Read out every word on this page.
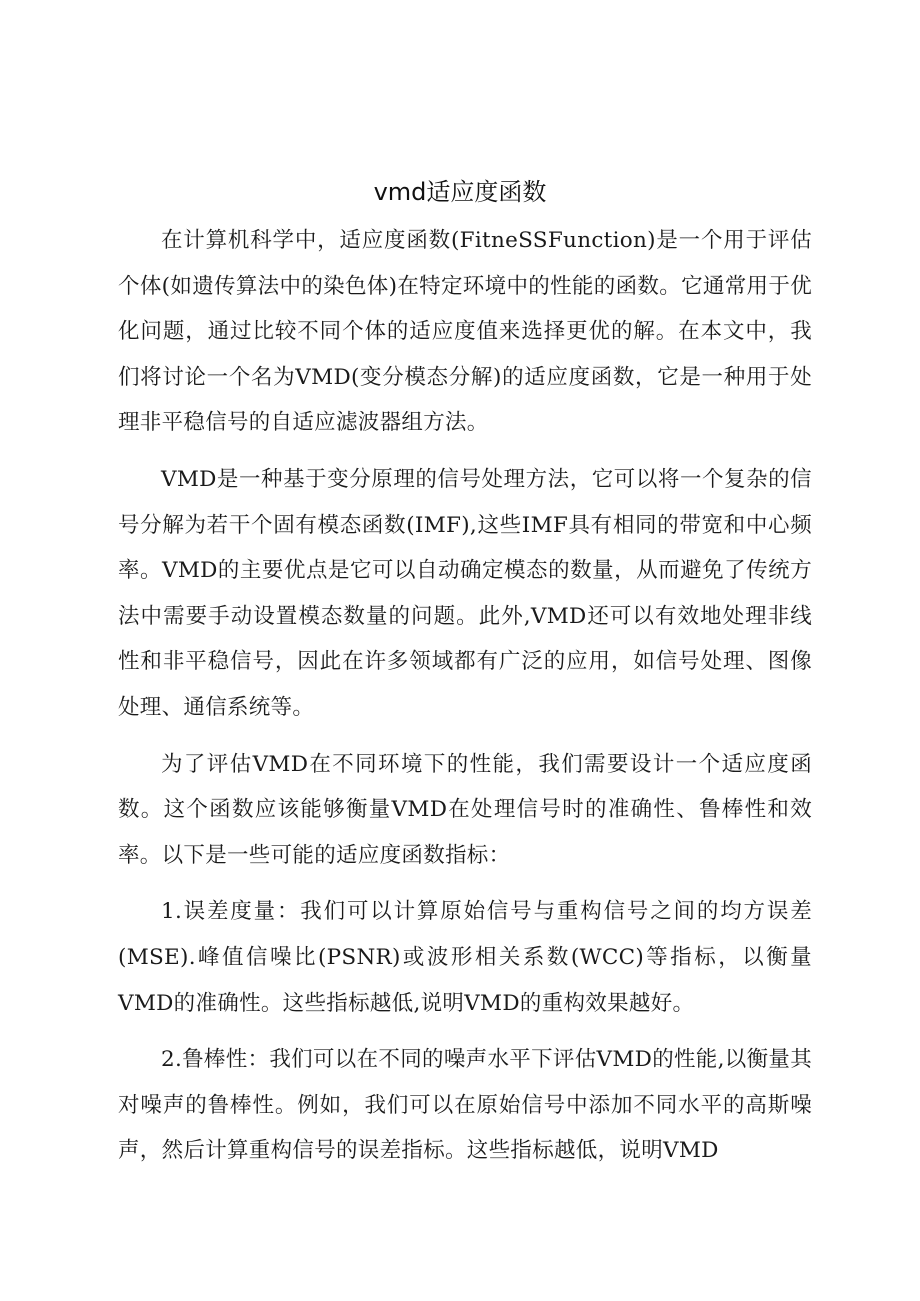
vmd适应度函数

在计算机科学中，适应度函数(FitneSSFunction)是一个用于评估个体(如遗传算法中的染色体)在特定环境中的性能的函数。它通常用于优化问题，通过比较不同个体的适应度值来选择更优的解。在本文中，我们将讨论一个名为VMD(变分模态分解)的适应度函数，它是一种用于处理非平稳信号的自适应滤波器组方法。

VMD是一种基于变分原理的信号处理方法，它可以将一个复杂的信号分解为若干个固有模态函数(IMF),这些IMF具有相同的带宽和中心频率。VMD的主要优点是它可以自动确定模态的数量，从而避免了传统方法中需要手动设置模态数量的问题。此外,VMD还可以有效地处理非线性和非平稳信号，因此在许多领域都有广泛的应用，如信号处理、图像处理、通信系统等。

为了评估VMD在不同环境下的性能，我们需要设计一个适应度函数。这个函数应该能够衡量VMD在处理信号时的准确性、鲁棒性和效率。以下是一些可能的适应度函数指标：

1.误差度量：我们可以计算原始信号与重构信号之间的均方误差(MSE).峰值信噪比(PSNR)或波形相关系数(WCC)等指标，以衡量VMD的准确性。这些指标越低,说明VMD的重构效果越好。

2.鲁棒性：我们可以在不同的噪声水平下评估VMD的性能,以衡量其对噪声的鲁棒性。例如，我们可以在原始信号中添加不同水平的高斯噪声，然后计算重构信号的误差指标。这些指标越低，说明VMD
